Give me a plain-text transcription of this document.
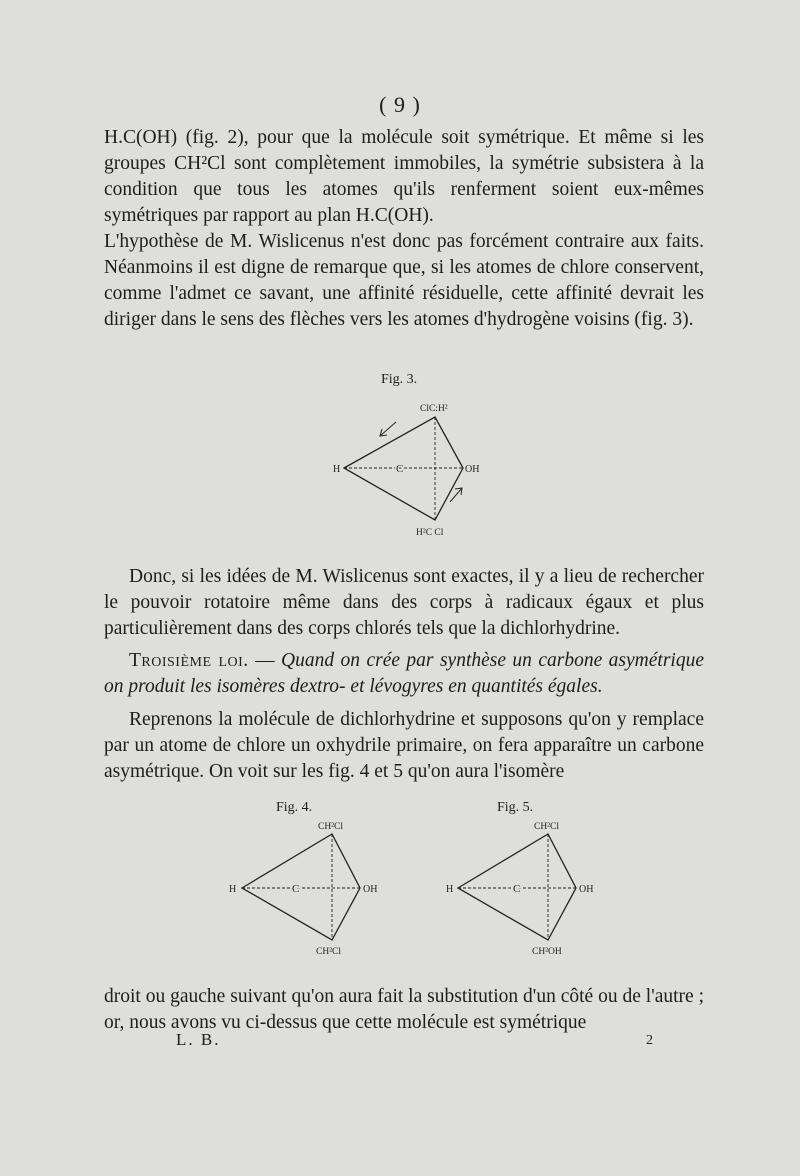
( 9 )

H.C(OH) (fig. 2), pour que la molécule soit symétrique. Et même si les groupes CH²Cl sont complètement immobiles, la symétrie subsistera à la condition que tous les atomes qu'ils renferment soient eux-mêmes symétriques par rapport au plan H.C(OH).

L'hypothèse de M. Wislicenus n'est donc pas forcément contraire aux faits. Néanmoins il est digne de remarque que, si les atomes de chlore conservent, comme l'admet ce savant, une affinité résiduelle, cette affinité devrait les diriger dans le sens des flèches vers les atomes d'hydrogène voisins (fig. 3).

Fig. 3.
ClC:H²
H	C	OH
H²C Cl

Donc, si les idées de M. Wislicenus sont exactes, il y a lieu de rechercher le pouvoir rotatoire même dans des corps à radicaux égaux et plus particulièrement dans des corps chlorés tels que la dichlorhydrine.

Troisième loi. — Quand on crée par synthèse un carbone asymétrique on produit les isomères dextro- et lévogyres en quantités égales.

Reprenons la molécule de dichlorhydrine et supposons qu'on y remplace par un atome de chlore un oxhydrile primaire, on fera apparaître un carbone asymétrique. On voit sur les fig. 4 et 5 qu'on aura l'isomère

Fig. 4.
CH²Cl
H	C	OH
CH²Cl
Fig. 5.
CH²Cl
H	C	OH
CH²OH

droit ou gauche suivant qu'on aura fait la substitution d'un côté ou de l'autre ; or, nous avons vu ci-dessus que cette molécule est symétrique

L. B.	2
